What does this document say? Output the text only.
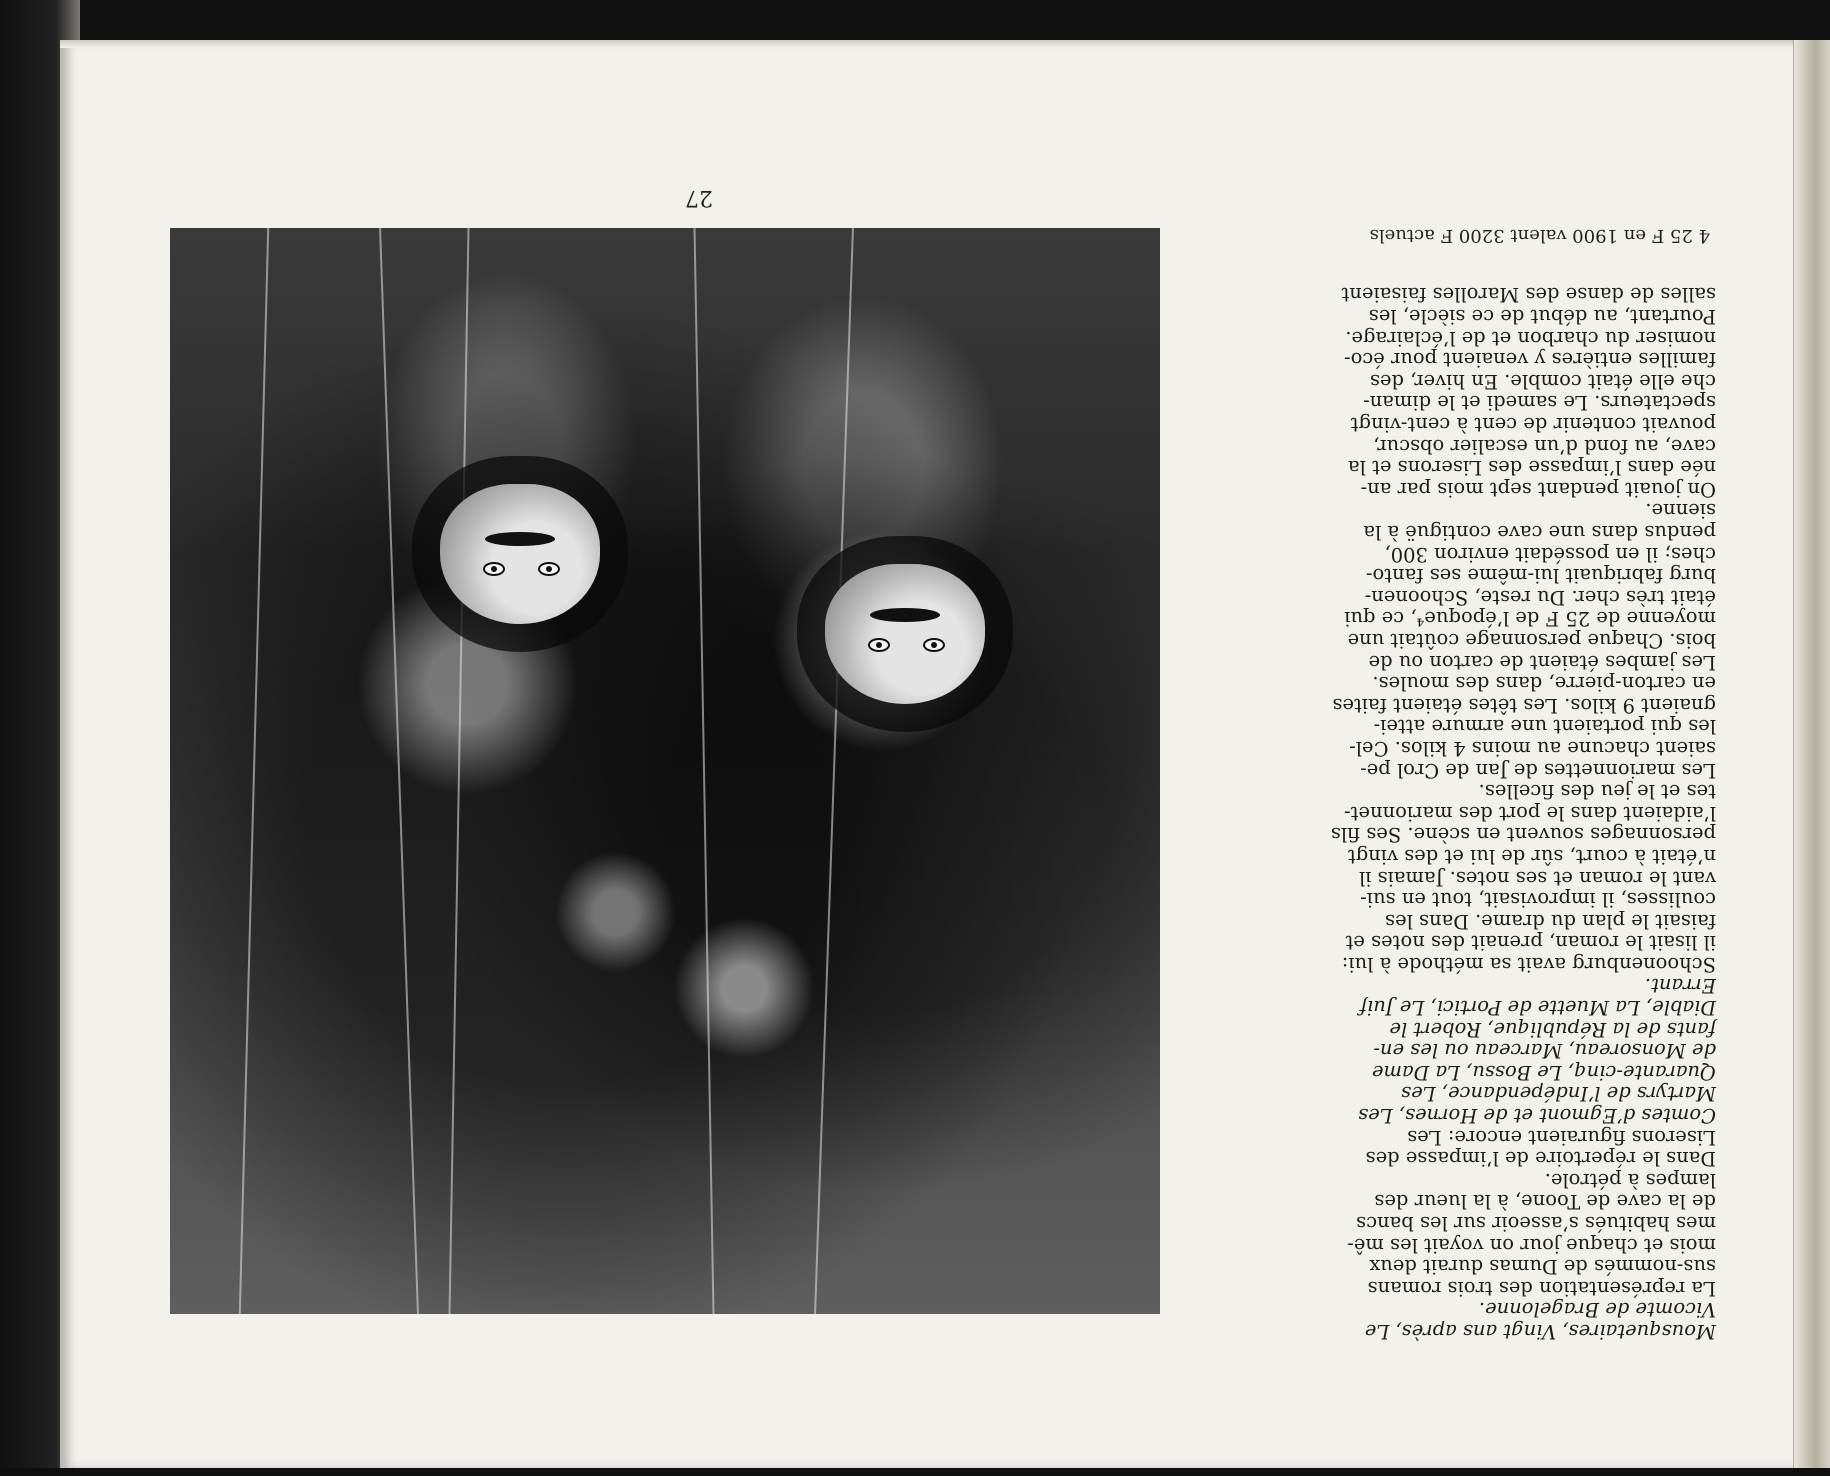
27
4 25 F en 1900 valent 3200 F actuels

Mousquetaires, Vingt ans après, Le
Vicomte de Bragelonne.
La représentation des trois romans
sus-nommés de Dumas durait deux
mois et chaque jour on voyait les mê-
mes habitués s’asseoir sur les bancs
de la cave de Toone, à la lueur des
lampes à pétrole.
Dans le répertoire de l’impasse des
Liserons figuraient encore: Les
Comtes d’Egmont et de Hornes, Les
Martyrs de l’Indépendance, Les
Quarante-cinq, Le Bossu, La Dame
de Monsoreau, Marceau ou les en-
fants de la République, Robert le
Diable, La Muette de Portici, Le Juif
Errant.
Schoonenburg avait sa méthode à lui:
il lisait le roman, prenait des notes et
faisait le plan du drame. Dans les
coulisses, il improvisait, tout en sui-
vant le roman et ses notes. Jamais il
n’était à court, sûr de lui et des vingt
personnages souvent en scène. Ses fils
l’aidaient dans le port des marionnet-
tes et le jeu des ficelles.
Les marionnettes de Jan de Crol pe-
saient chacune au moins 4 kilos. Cel-
les qui portaient une armure attei-
gnaient 9 kilos. Les têtes étaient faites
en carton-pierre, dans des moules.
Les jambes étaient de carton ou de
bois. Chaque personnage coûtait une
moyenne de 25 F de l’époque⁴, ce qui
était très cher. Du reste, Schoonen-
burg fabriquait lui-même ses fanto-
ches; il en possédait environ 300,
pendus dans une cave contiguë à la
sienne.
On jouait pendant sept mois par an-
née dans l’impasse des Liserons et la
cave, au fond d’un escalier obscur,
pouvait contenir de cent à cent-vingt
spectateurs. Le samedi et le diman-
che elle était comble. En hiver, des
familles entières y venaient pour éco-
nomiser du charbon et de l’éclairage.
Pourtant, au début de ce siècle, les
salles de danse des Marolles faisaient
